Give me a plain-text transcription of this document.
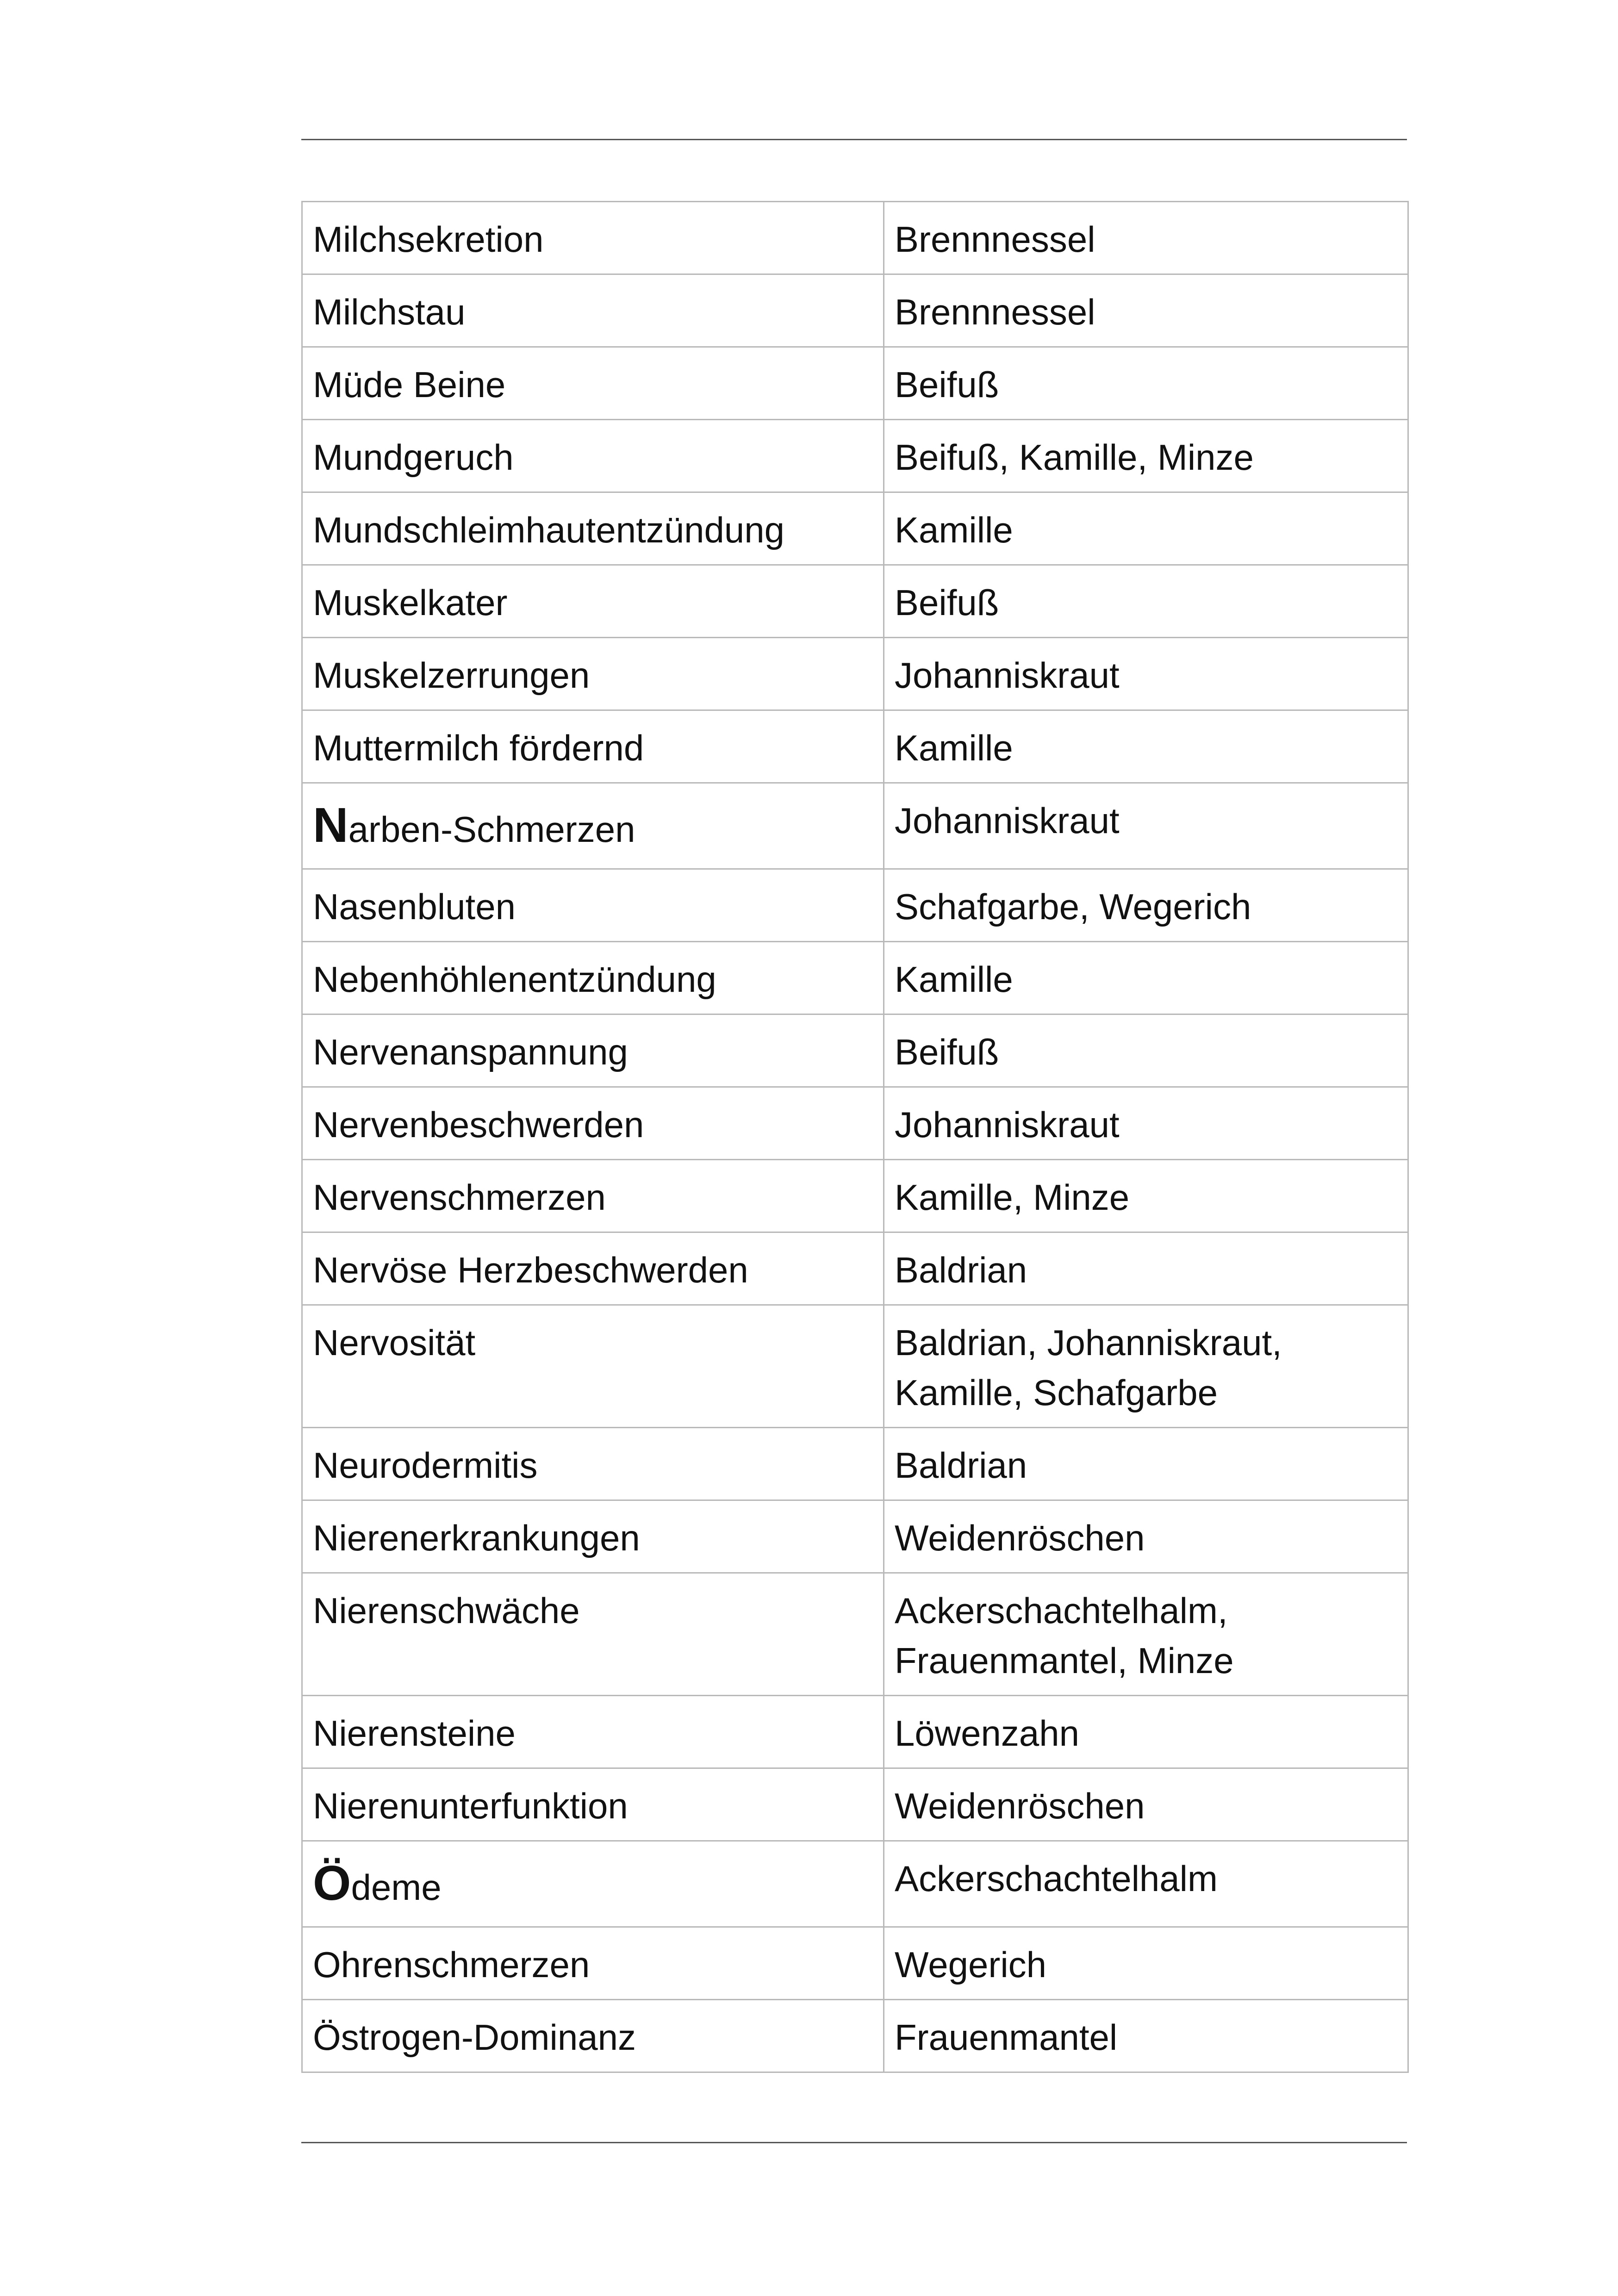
Milchsekretion	Brennnessel
Milchstau	Brennnessel
Müde Beine	Beifuß
Mundgeruch	Beifuß, Kamille, Minze
Mundschleimhautentzündung	Kamille
Muskelkater	Beifuß
Muskelzerrungen	Johanniskraut
Muttermilch fördernd	Kamille
Narben-Schmerzen	Johanniskraut
Nasenbluten	Schafgarbe, Wegerich
Nebenhöhlenentzündung	Kamille
Nervenanspannung	Beifuß
Nervenbeschwerden	Johanniskraut
Nervenschmerzen	Kamille, Minze
Nervöse Herzbeschwerden	Baldrian
Nervosität	Baldrian, Johanniskraut,
Kamille, Schafgarbe

Neurodermitis	Baldrian
Nierenerkrankungen	Weidenröschen
Nierenschwäche	Ackerschachtelhalm,
Frauenmantel, Minze

Nierensteine	Löwenzahn
Nierenunterfunktion	Weidenröschen
Ödeme	Ackerschachtelhalm
Ohrenschmerzen	Wegerich
Östrogen-Dominanz	Frauenmantel
